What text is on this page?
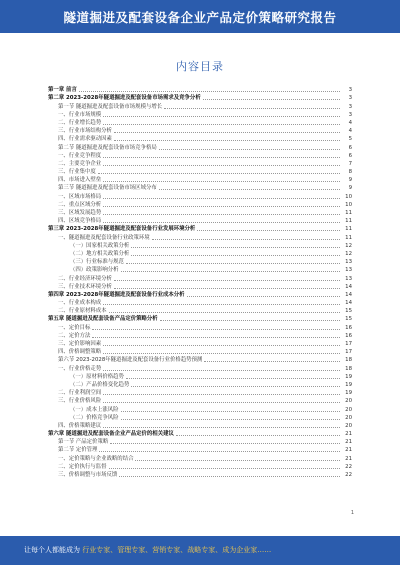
隧道掘进及配套设备企业产品定价策略研究报告
内容目录
第一章 前言	3
第二章 2023-2028年隧道掘进及配套设备市场需求及竞争分析	3
第一节 隧道掘进及配套设备市场规模与增长	3
一、行业市场规模	3
二、行业增长趋势	4
三、行业市场结构分析	4
四、行业需求驱动因素	5
第二节 隧道掘进及配套设备市场竞争格局	6
一、行业竞争程度	6
二、主要竞争企业	7
三、行业集中度	8
四、市场进入壁垒	9
第三节 隧道掘进及配套设备市场区域分布	9
一、区域市场格局	10
二、重点区域分析	10
三、区域发展趋势	11
四、区域竞争格局	11
第三章 2023-2028年隧道掘进及配套设备行业发展环境分析	11
一、隧道掘进及配套设备行业政策环境	11
（一）国家相关政策分析	12
（二）地方相关政策分析	12
（三）行业标准与规范	13
（四）政策影响分析	13
二、行业经济环境分析	13
三、行业技术环境分析	14
第四章 2023-2028年隧道掘进及配套设备行业成本分析	14
一、行业成本构成	14
二、行业原材料成本	15
第五章 隧道掘进及配套设备产品定价策略分析	15
一、定价目标	16
二、定价方法	16
三、定价影响因素	17
四、价格调整策略	17
第六节 2023-2028年隧道掘进及配套设备行业价格趋势预测	18
一、行业价格走势	18
（一）原材料价格趋势	19
（二）产品价格变化趋势	19
二、行业利润空间	19
三、行业价格风险	20
（一）成本上涨风险	20
（二）价格竞争风险	20
四、价格策略建议	20
第六章 隧道掘进及配套设备企业产品定价的相关建议	21
第一节 产品定价策略	21
第二节 定价管理	21
一、定价策略与企业战略的结合	21
二、定价执行与监督	22
三、价格调整与市场反馈	22
1
让每个人都能成为 行业专家、管理专家、营销专家、战略专家、成为企业家……
